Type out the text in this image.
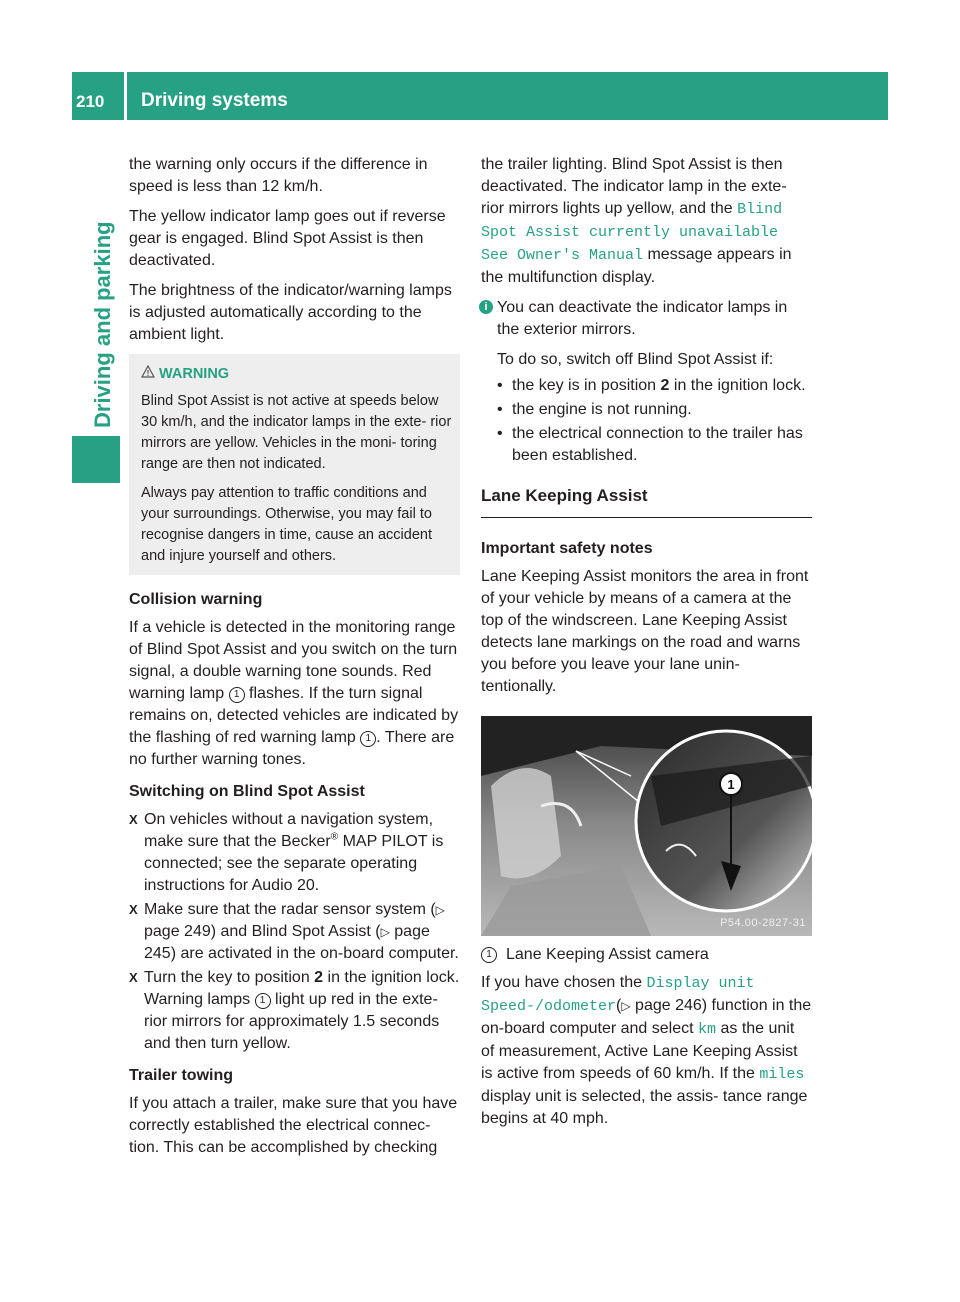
210	Driving systems
Driving and parking

the warning only occurs if the difference in speed is less than 12 km/h.

The yellow indicator lamp goes out if reverse gear is engaged. Blind Spot Assist is then deactivated.

The brightness of the indicator/warning lamps is adjusted automatically according to the ambient light.

WARNING

Blind Spot Assist is not active at speeds below 30 km/h, and the indicator lamps in the exte- rior mirrors are yellow. Vehicles in the moni- toring range are then not indicated.

Always pay attention to traffic conditions and your surroundings. Otherwise, you may fail to recognise dangers in time, cause an accident and injure yourself and others.

Collision warning

If a vehicle is detected in the monitoring range of Blind Spot Assist and you switch on the turn signal, a double warning tone sounds. Red warning lamp 1 flashes. If the turn signal remains on, detected vehicles are indicated by the flashing of red warning lamp 1 . There are no further warning tones.

Switching on Blind Spot Assist
X On vehicles without a navigation system, make sure that the Becker® MAP PILOT is connected; see the separate operating instructions for Audio 20.
X Make sure that the radar sensor system (▷ page 249) and Blind Spot Assist (▷ page 245) are activated in the on-board computer.
X Turn the key to position 2 in the ignition lock.
Warning lamps 1 light up red in the exte- rior mirrors for approximately 1.5 seconds and then turn yellow.
Trailer towing

If you attach a trailer, make sure that you have correctly established the electrical connec- tion. This can be accomplished by checking

the trailer lighting. Blind Spot Assist is then deactivated. The indicator lamp in the exte- rior mirrors lights up yellow, and the Blind Spot Assist currently unavailable See Owner's Manual message appears in the multifunction display.

i You can deactivate the indicator lamps in the exterior mirrors.

To do so, switch off Blind Spot Assist if:

• the key is in position 2 in the ignition lock.
• the engine is not running.
• the electrical connection to the trailer has been established.
Lane Keeping Assist
Important safety notes

Lane Keeping Assist monitors the area in front of your vehicle by means of a camera at the top of the windscreen. Lane Keeping Assist detects lane markings on the road and warns you before you leave your lane unin- tentionally.

1
P54.00-2827-31
1 Lane Keeping Assist camera

If you have chosen the Display unit Speed-/odometer(▷ page 246) function in the on-board computer and select km as the unit of measurement, Active Lane Keeping Assist is active from speeds of 60 km/h. If the miles display unit is selected, the assis- tance range begins at 40 mph.
